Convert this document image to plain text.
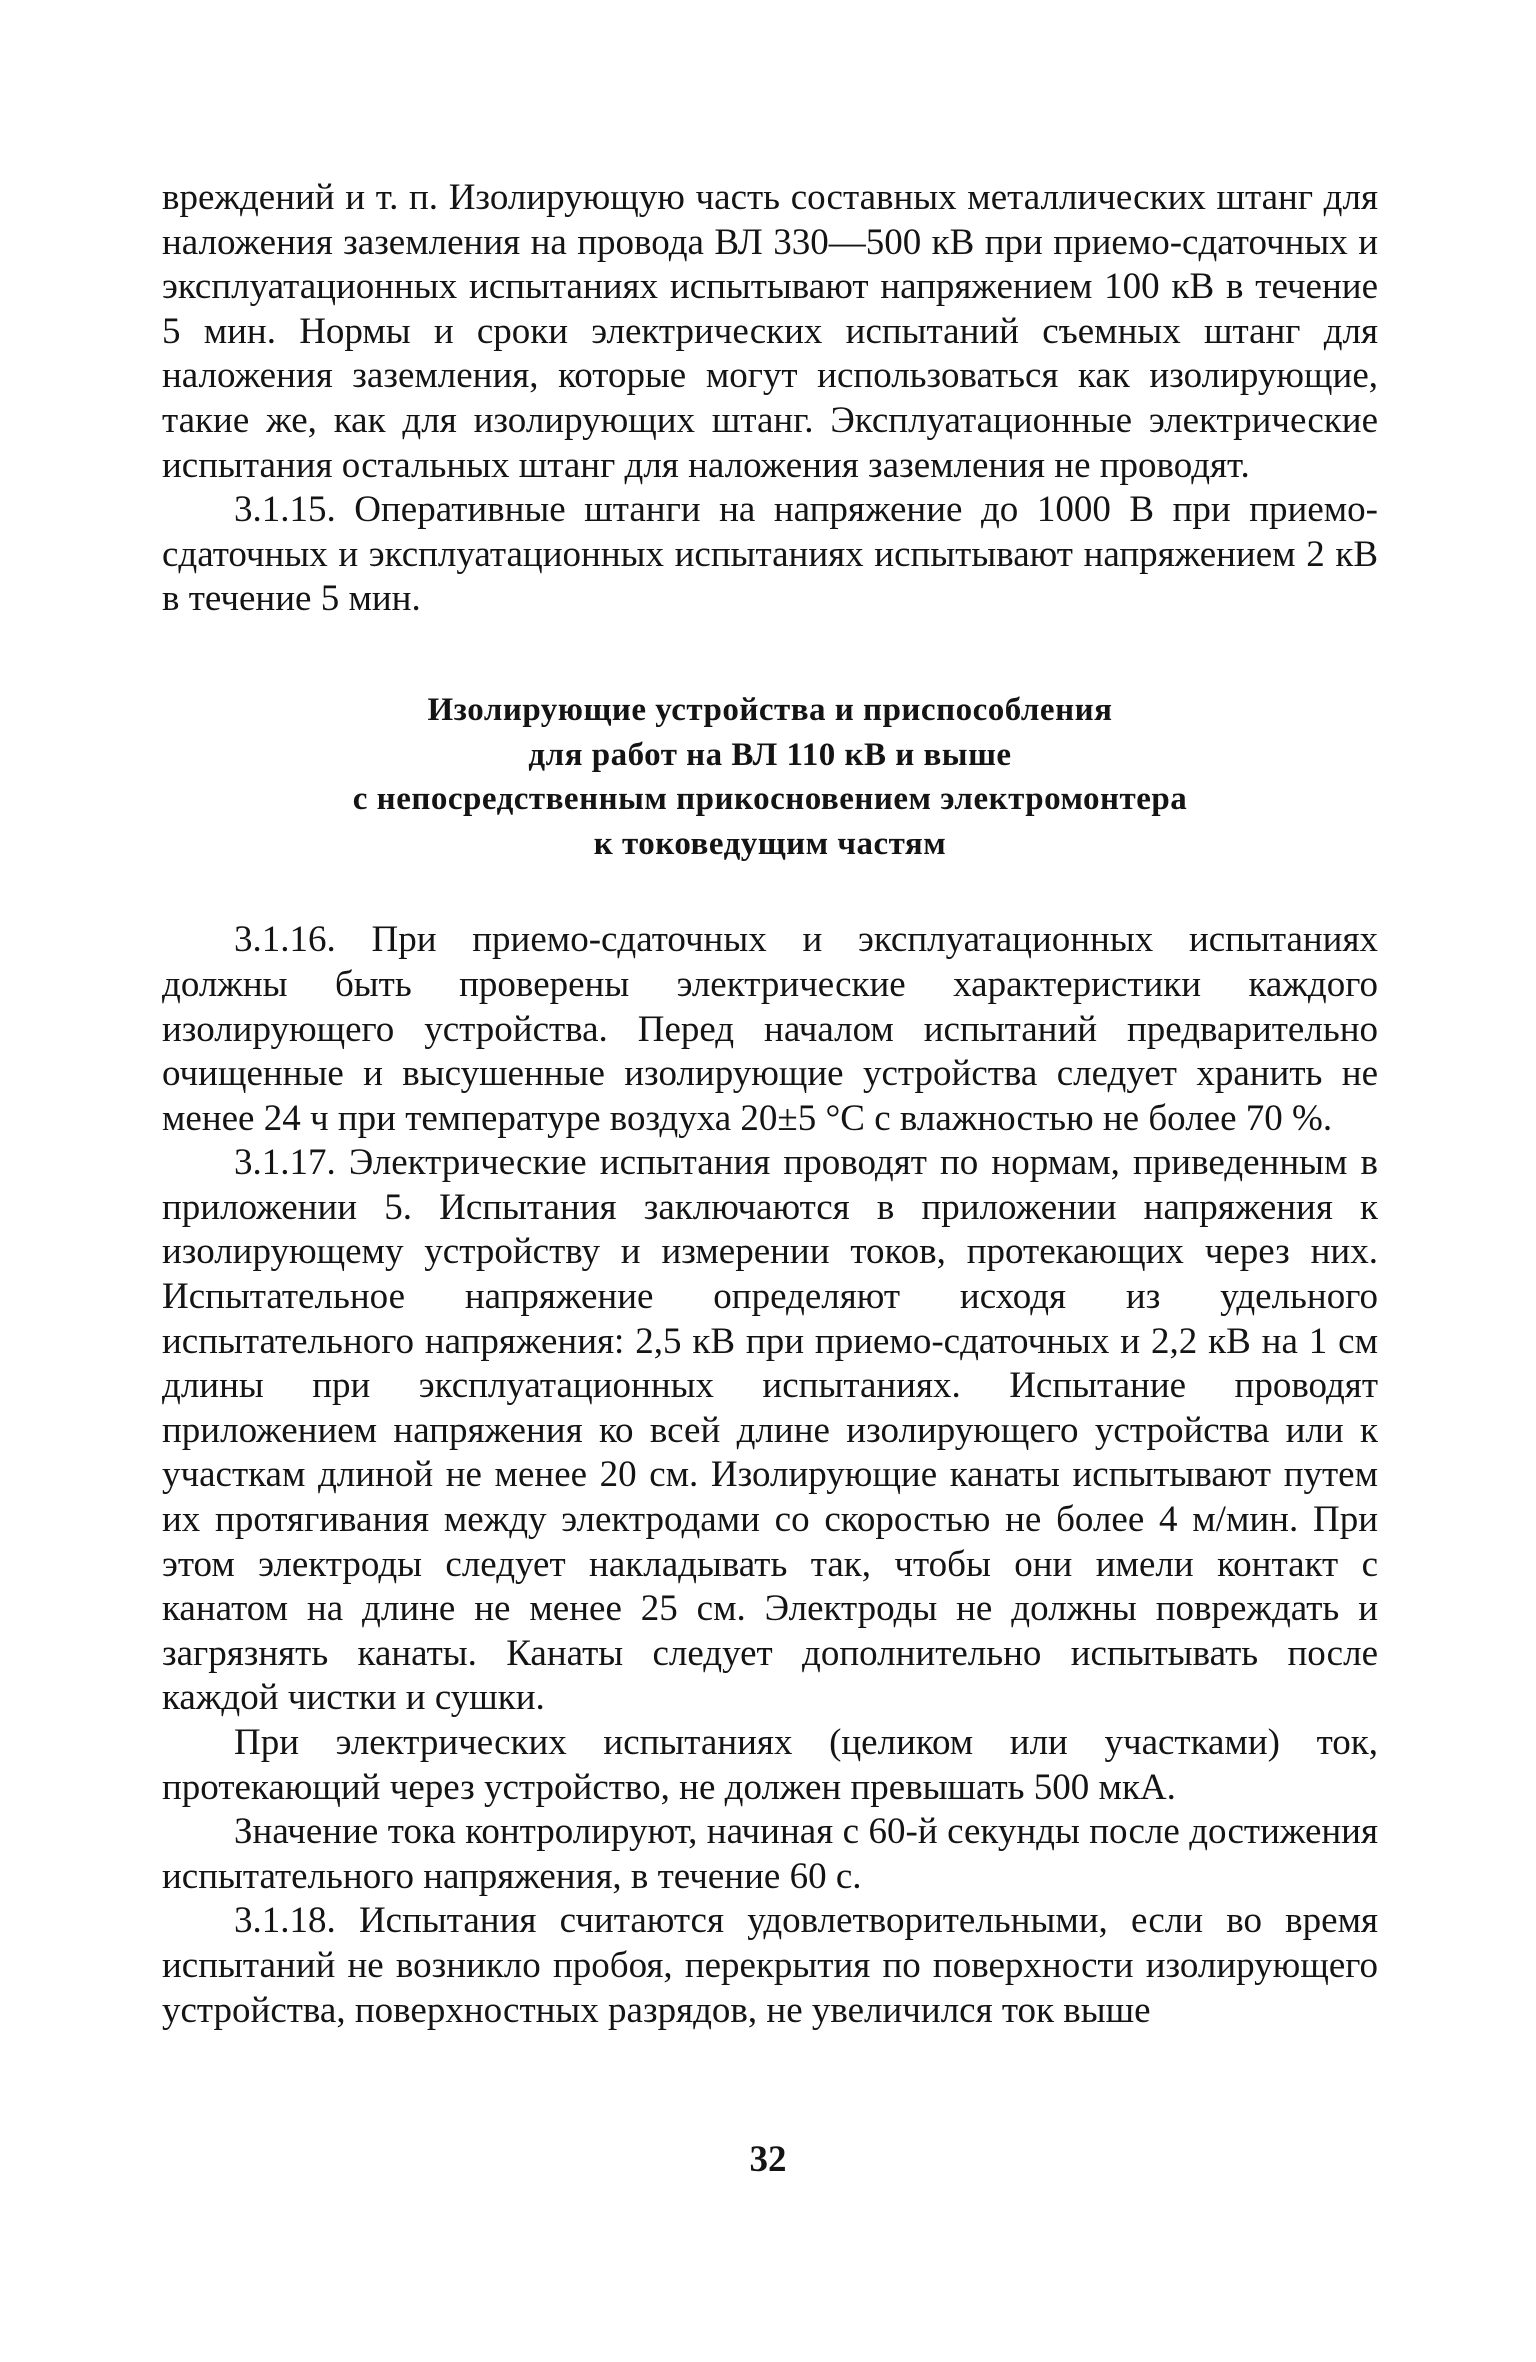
вреждений и т. п. Изолирующую часть составных металлических штанг для наложения заземления на провода ВЛ 330—500 кВ при приемо-сдаточных и эксплуатационных испытаниях испытывают напряжением 100 кВ в течение 5 мин. Нормы и сроки электрических испытаний съемных штанг для наложения заземления, которые могут использоваться как изолирующие, такие же, как для изолирующих штанг. Эксплуатационные электрические испытания остальных штанг для наложения заземления не проводят.

3.1.15. Оперативные штанги на напряжение до 1000 В при приемо-сдаточных и эксплуатационных испытаниях испытывают напряжением 2 кВ в течение 5 мин.

Изолирующие устройства и приспособления
для работ на ВЛ 110 кВ и выше
с непосредственным прикосновением электромонтера
к токоведущим частям

3.1.16. При приемо-сдаточных и эксплуатационных испытаниях должны быть проверены электрические характеристики каждого изолирующего устройства. Перед началом испытаний предварительно очищенные и высушенные изолирующие устройства следует хранить не менее 24 ч при температуре воздуха 20±5 °С с влажностью не более 70 %.

3.1.17. Электрические испытания проводят по нормам, приведенным в приложении 5. Испытания заключаются в приложении напряжения к изолирующему устройству и измерении токов, протекающих через них. Испытательное напряжение определяют исходя из удельного испытательного напряжения: 2,5 кВ при приемо-сдаточных и 2,2 кВ на 1 см длины при эксплуатационных испытаниях. Испытание проводят приложением напряжения ко всей длине изолирующего устройства или к участкам длиной не менее 20 см. Изолирующие канаты испытывают путем их протягивания между электродами со скоростью не более 4 м/мин. При этом электроды следует накладывать так, чтобы они имели контакт с канатом на длине не менее 25 см. Электроды не должны повреждать и загрязнять канаты. Канаты следует дополнительно испытывать после каждой чистки и сушки.

При электрических испытаниях (целиком или участками) ток, протекающий через устройство, не должен превышать 500 мкА.

Значение тока контролируют, начиная с 60-й секунды после достижения испытательного напряжения, в течение 60 с.

3.1.18. Испытания считаются удовлетворительными, если во время испытаний не возникло пробоя, перекрытия по поверхности изолирующего устройства, поверхностных разрядов, не увеличился ток выше

32
